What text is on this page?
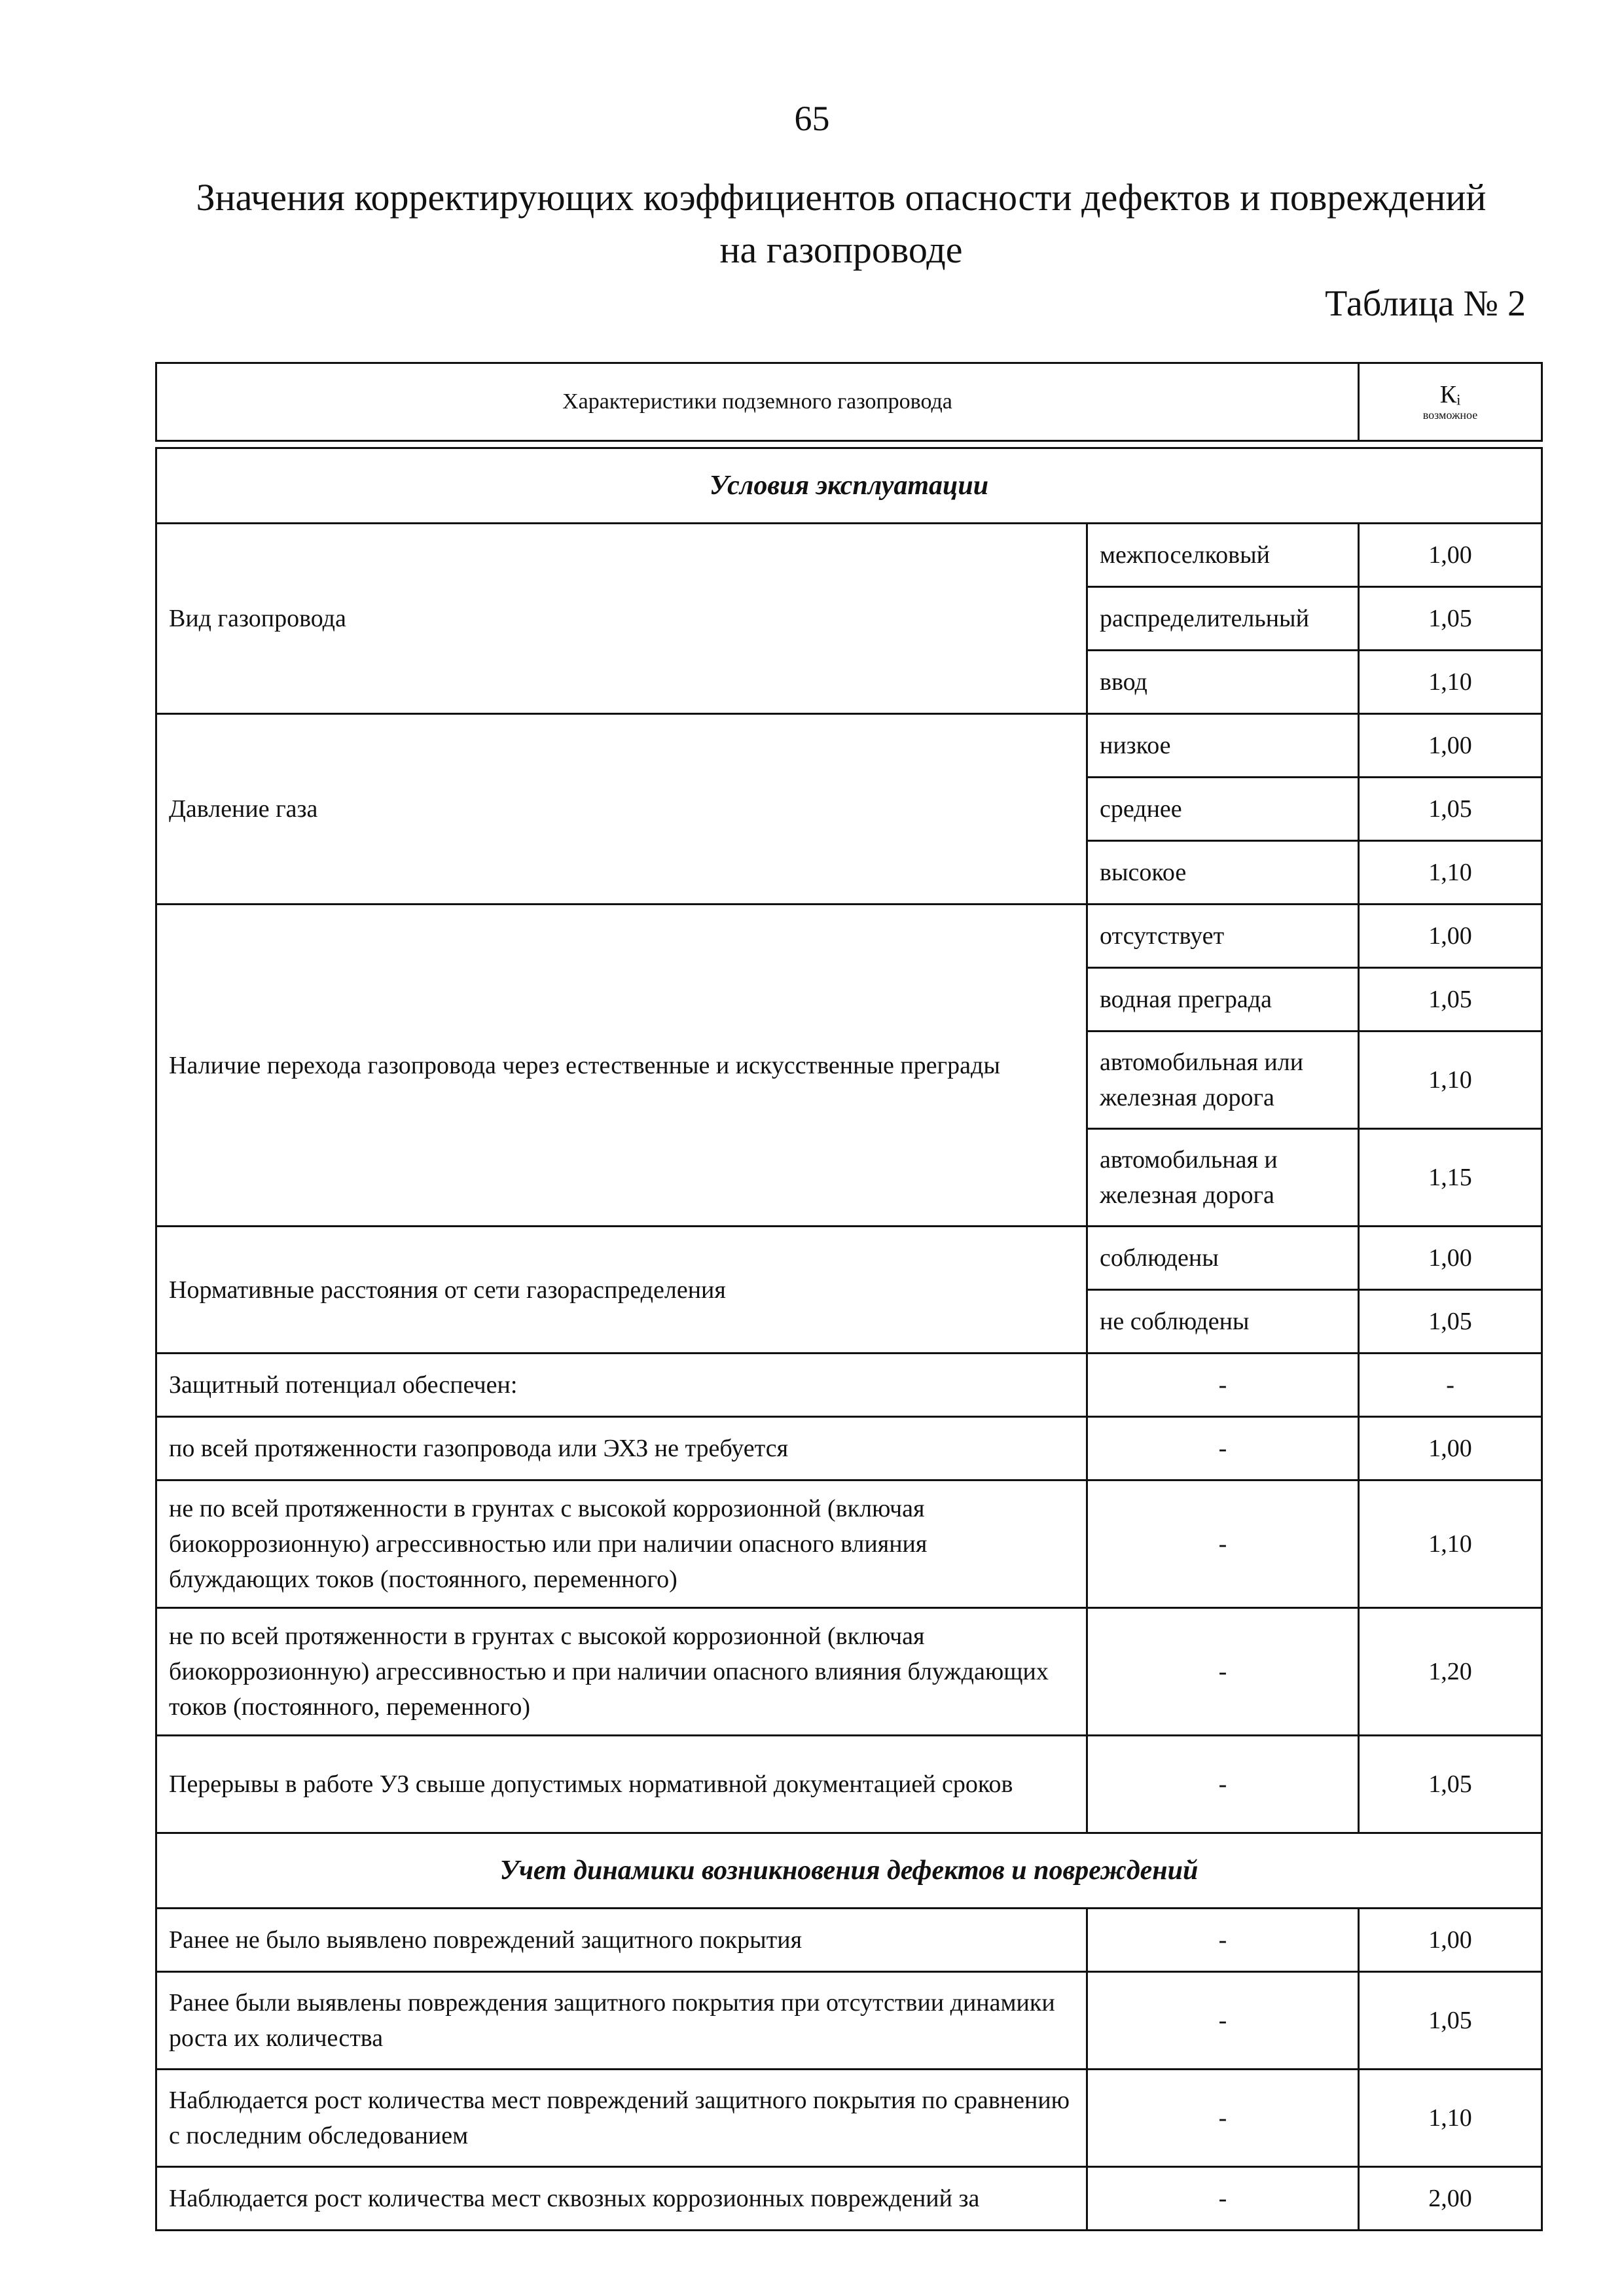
65
Значения корректирующих коэффициентов опасности дефектов и повреждений
на газопроводе
Таблица № 2
Характеристики подземного газопровода		Кᵢ
возможное

Условия эксплуатации		
Вид газопровода	межпоселковый	1,00
	распределительный	1,05
	ввод	1,10
Давление газа	низкое	1,00
	среднее	1,05
	высокое	1,10
Наличие перехода газопровода через естественные и искусственные преграды	отсутствует	1,00
	водная преграда	1,05
	автомобильная или железная дорога	1,10
	автомобильная и железная дорога	1,15
Нормативные расстояния от сети газораспределения	соблюдены	1,00
	не соблюдены	1,05
Защитный потенциал обеспечен:	-	-
по всей протяженности газопровода или ЭХЗ не требуется	-	1,00
не по всей протяженности в грунтах с высокой коррозионной (включая биокоррозионную) агрессивностью или при наличии опасного влияния блуждающих токов (постоянного, переменного)	-	1,10
не по всей протяженности в грунтах с высокой коррозионной (включая биокоррозионную) агрессивностью и при наличии опасного влияния блуждающих токов (постоянного, переменного)	-	1,20
Перерывы в работе УЗ свыше допустимых нормативной документацией сроков	-	1,05
Учет динамики возникновения дефектов и повреждений		
Ранее не было выявлено повреждений защитного покрытия	-	1,00
Ранее были выявлены повреждения защитного покрытия при отсутствии динамики роста их количества	-	1,05
Наблюдается рост количества мест повреждений защитного покрытия по сравнению с последним обследованием	-	1,10
Наблюдается рост количества мест сквозных коррозионных повреждений за	-	2,00
